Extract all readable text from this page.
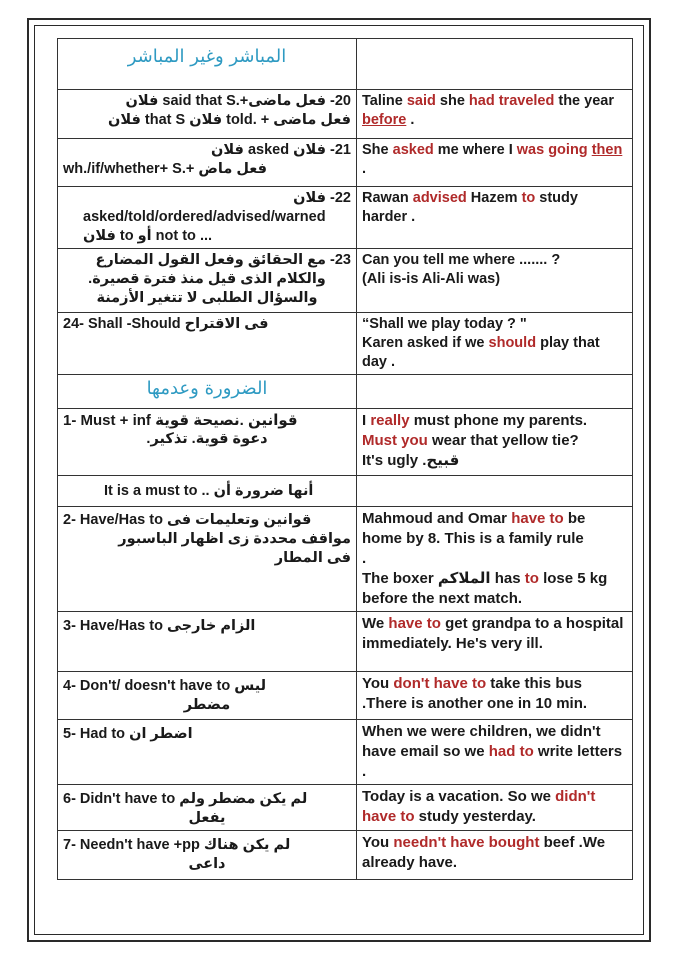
المباشر وغير المباشر	

20- فعل ماضى+.said that S فلان
فعل ماضى + .told فلان that S فلان	Taline said she had traveled the year before .

21- فلان asked فلان
wh./if/whether+ S.+ فعل ماض	She asked me where I was going then .

22- فلان
asked/told/ordered/advised/warned فلان to أو not to ...	Rawan advised Hazem to study harder .

23- مع الحقائق وفعل القول المضارع
والكلام الذى قيل منذ فترة قصيرة.
والسؤال الطلبى لا تتغير الأزمنة	Can you tell me where ....... ?
(Ali is-is Ali-Ali was)

24- Shall -Should فى الاقتراح	“Shall we play today ? "
Karen asked if we should play that day .
الضرورة وعدمها	

1- Must + inf قوانين .نصيحة قوية
دعوة قوية. تذكير.	I really must phone my parents.
Must you wear that yellow tie?
It's ugly .قبيح

It is a must to .. أنها ضرورة أن	

2- Have/Has to قوانين وتعليمات فى
مواقف محددة زى اظهار الباسبور
فى المطار	Mahmoud and Omar have to be home by 8. This is a family rule
.
The boxer الملاكم has to lose 5 kg before the next match.

3- Have/Has to الزام خارجى	We have to get grandpa to a hospital immediately. He's very ill.

4- Don't/ doesn't have to ليس
مضطر	You don't have to take this bus .There is another one in 10 min.

5- Had to اضطر ان	When we were children, we didn't have email so we had to write letters .

6- Didn't have to لم يكن مضطر ولم
يفعل	Today is a vacation. So we didn't have to study yesterday.

7- Needn't have +pp لم يكن هناك
داعى	You needn't have bought beef .We already have.
